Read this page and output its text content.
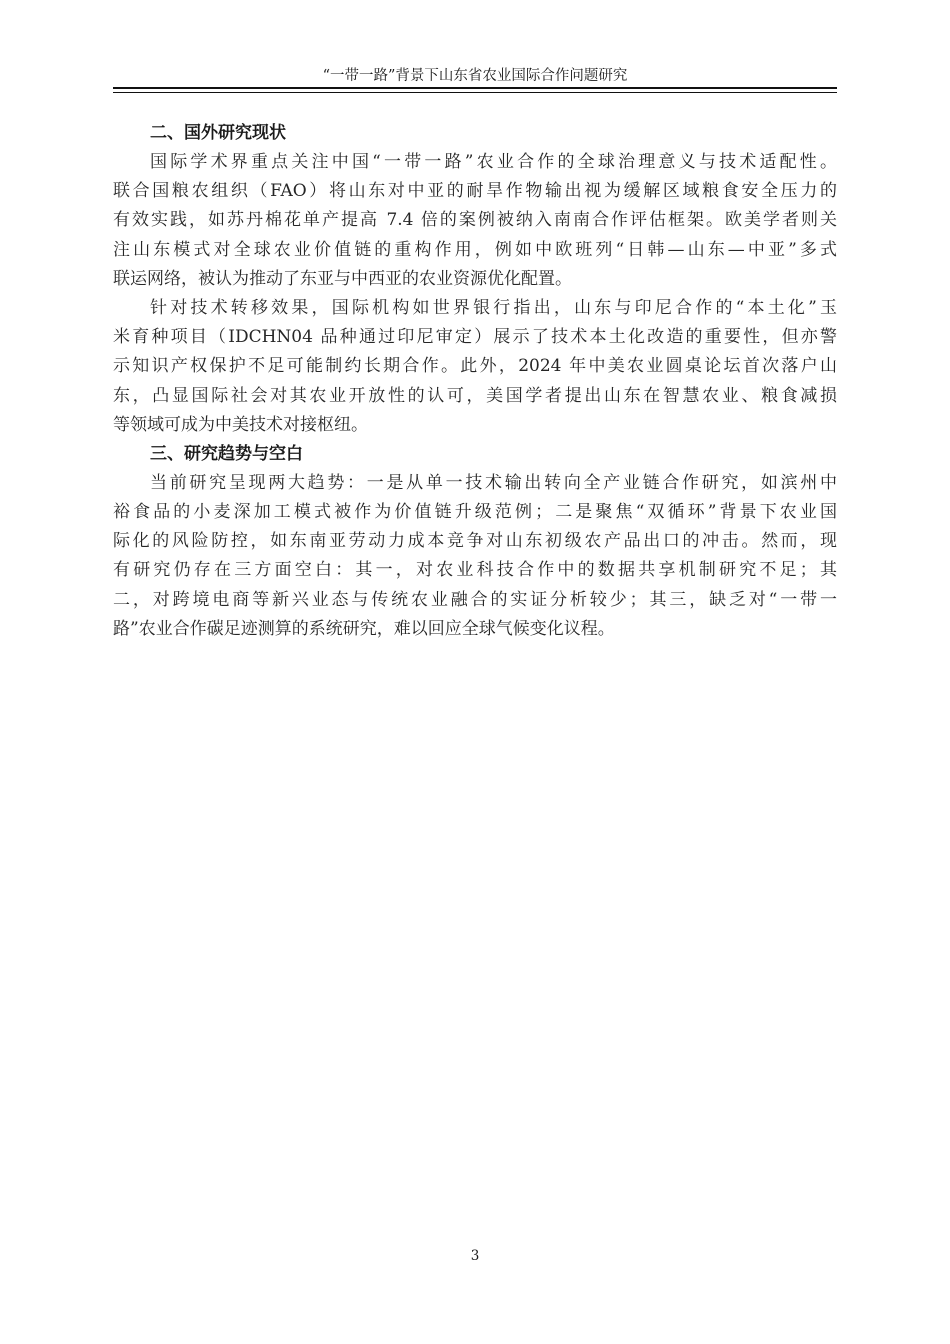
“一带一路”背景下山东省农业国际合作问题研究
二、国外研究现状

国际学术界重点关注中国“一带一路”农业合作的全球治理意义与技术适配性。
联合国粮农组织（FAO）将山东对中亚的耐旱作物输出视为缓解区域粮食安全压力的
有效实践，如苏丹棉花单产提高 7.4 倍的案例被纳入南南合作评估框架。欧美学者则关
注山东模式对全球农业价值链的重构作用，例如中欧班列“日韩—山东—中亚”多式
联运网络，被认为推动了东亚与中西亚的农业资源优化配置。

针对技术转移效果，国际机构如世界银行指出，山东与印尼合作的“本土化”玉
米育种项目（IDCHN04 品种通过印尼审定）展示了技术本土化改造的重要性，但亦警
示知识产权保护不足可能制约长期合作。此外，2024 年中美农业圆桌论坛首次落户山
东，凸显国际社会对其农业开放性的认可，美国学者提出山东在智慧农业、粮食减损
等领域可成为中美技术对接枢纽。

三、研究趋势与空白

当前研究呈现两大趋势：一是从单一技术输出转向全产业链合作研究，如滨州中
裕食品的小麦深加工模式被作为价值链升级范例；二是聚焦“双循环”背景下农业国
际化的风险防控，如东南亚劳动力成本竞争对山东初级农产品出口的冲击。然而，现
有研究仍存在三方面空白：其一，对农业科技合作中的数据共享机制研究不足；其
二，对跨境电商等新兴业态与传统农业融合的实证分析较少；其三，缺乏对“一带一
路”农业合作碳足迹测算的系统研究，难以回应全球气候变化议程。

3
